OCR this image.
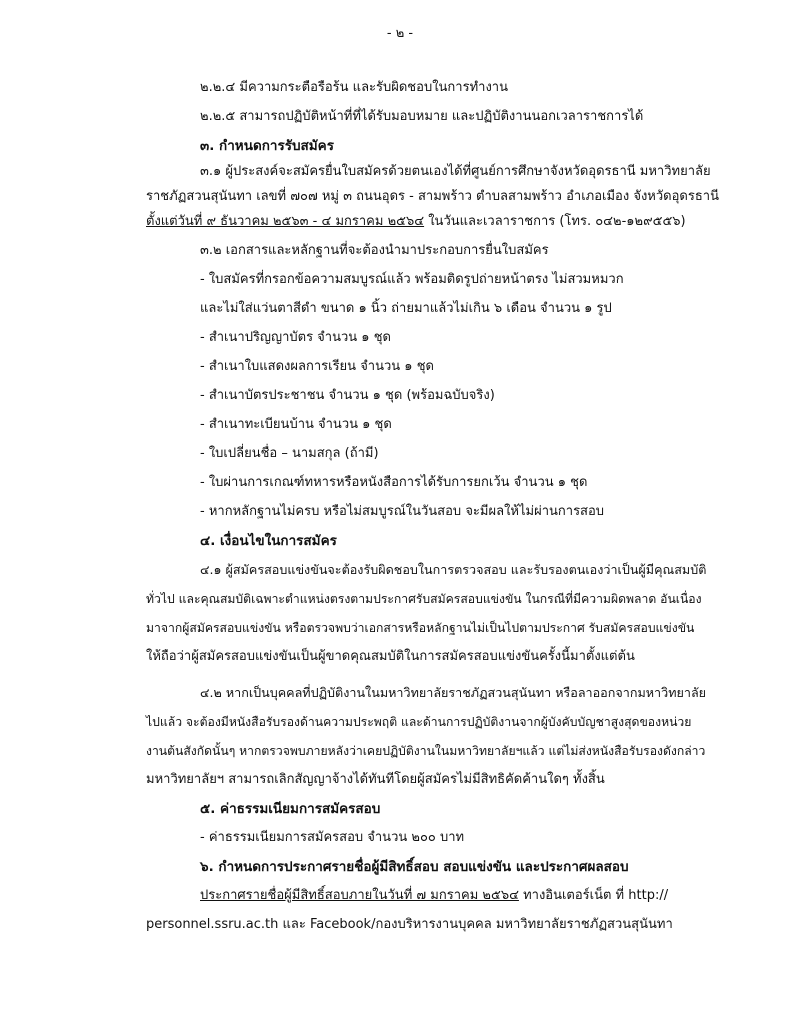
- ๒ -
๒.๒.๔ มีความกระตือรือร้น และรับผิดชอบในการทำงาน
๒.๒.๕ สามารถปฏิบัติหน้าที่ที่ได้รับมอบหมาย และปฏิบัติงานนอกเวลาราชการได้
๓. กำหนดการรับสมัคร
๓.๑ ผู้ประสงค์จะสมัครยื่นใบสมัครด้วยตนเองได้ที่ศูนย์การศึกษาจังหวัดอุดรธานี มหาวิทยาลัย
ราชภัฏสวนสุนันทา เลขที่ ๗๐๗ หมู่ ๓ ถนนอุดร - สามพร้าว ตำบลสามพร้าว อำเภอเมือง จังหวัดอุดรธานี
ตั้งแต่วันที่ ๙ ธันวาคม ๒๕๖๓ - ๔ มกราคม ๒๕๖๔ ในวันและเวลาราชการ (โทร. ๐๔๒-๑๒๙๕๕๖)
๓.๒ เอกสารและหลักฐานที่จะต้องนำมาประกอบการยื่นใบสมัคร
- ใบสมัครที่กรอกข้อความสมบูรณ์แล้ว พร้อมติดรูปถ่ายหน้าตรง ไม่สวมหมวก
และไม่ใส่แว่นตาสีดำ ขนาด ๑ นิ้ว ถ่ายมาแล้วไม่เกิน ๖ เดือน จำนวน ๑ รูป
- สำเนาปริญญาบัตร จำนวน ๑ ชุด
- สำเนาใบแสดงผลการเรียน จำนวน ๑ ชุด
- สำเนาบัตรประชาชน จำนวน ๑ ชุด (พร้อมฉบับจริง)
- สำเนาทะเบียนบ้าน จำนวน ๑ ชุด
- ใบเปลี่ยนชื่อ – นามสกุล (ถ้ามี)
- ใบผ่านการเกณฑ์ทหารหรือหนังสือการได้รับการยกเว้น จำนวน ๑ ชุด
- หากหลักฐานไม่ครบ หรือไม่สมบูรณ์ในวันสอบ จะมีผลให้ไม่ผ่านการสอบ
๔. เงื่อนไขในการสมัคร
๔.๑ ผู้สมัครสอบแข่งขันจะต้องรับผิดชอบในการตรวจสอบ และรับรองตนเองว่าเป็นผู้มีคุณสมบัติ
ทั่วไป และคุณสมบัติเฉพาะตำแหน่งตรงตามประกาศรับสมัครสอบแข่งขัน ในกรณีที่มีความผิดพลาด อันเนื่อง
มาจากผู้สมัครสอบแข่งขัน หรือตรวจพบว่าเอกสารหรือหลักฐานไม่เป็นไปตามประกาศ รับสมัครสอบแข่งขัน
ให้ถือว่าผู้สมัครสอบแข่งขันเป็นผู้ขาดคุณสมบัติในการสมัครสอบแข่งขันครั้งนี้มาตั้งแต่ต้น
๔.๒ หากเป็นบุคคลที่ปฏิบัติงานในมหาวิทยาลัยราชภัฏสวนสุนันทา หรือลาออกจากมหาวิทยาลัย
ไปแล้ว จะต้องมีหนังสือรับรองด้านความประพฤติ และด้านการปฏิบัติงานจากผู้บังคับบัญชาสูงสุดของหน่วย
งานต้นสังกัดนั้นๆ หากตรวจพบภายหลังว่าเคยปฏิบัติงานในมหาวิทยาลัยฯแล้ว แต่ไม่ส่งหนังสือรับรองดังกล่าว
มหาวิทยาลัยฯ สามารถเลิกสัญญาจ้างได้ทันทีโดยผู้สมัครไม่มีสิทธิคัดค้านใดๆ ทั้งสิ้น
๕. ค่าธรรมเนียมการสมัครสอบ
- ค่าธรรมเนียมการสมัครสอบ จำนวน ๒๐๐ บาท
๖. กำหนดการประกาศรายชื่อผู้มีสิทธิ์สอบ สอบแข่งขัน และประกาศผลสอบ
ประกาศรายชื่อผู้มีสิทธิ์สอบภายในวันที่ ๗ มกราคม ๒๕๖๔ ทางอินเตอร์เน็ต ที่ http://
personnel.ssru.ac.th และ Facebook/กองบริหารงานบุคคล มหาวิทยาลัยราชภัฏสวนสุนันทา
